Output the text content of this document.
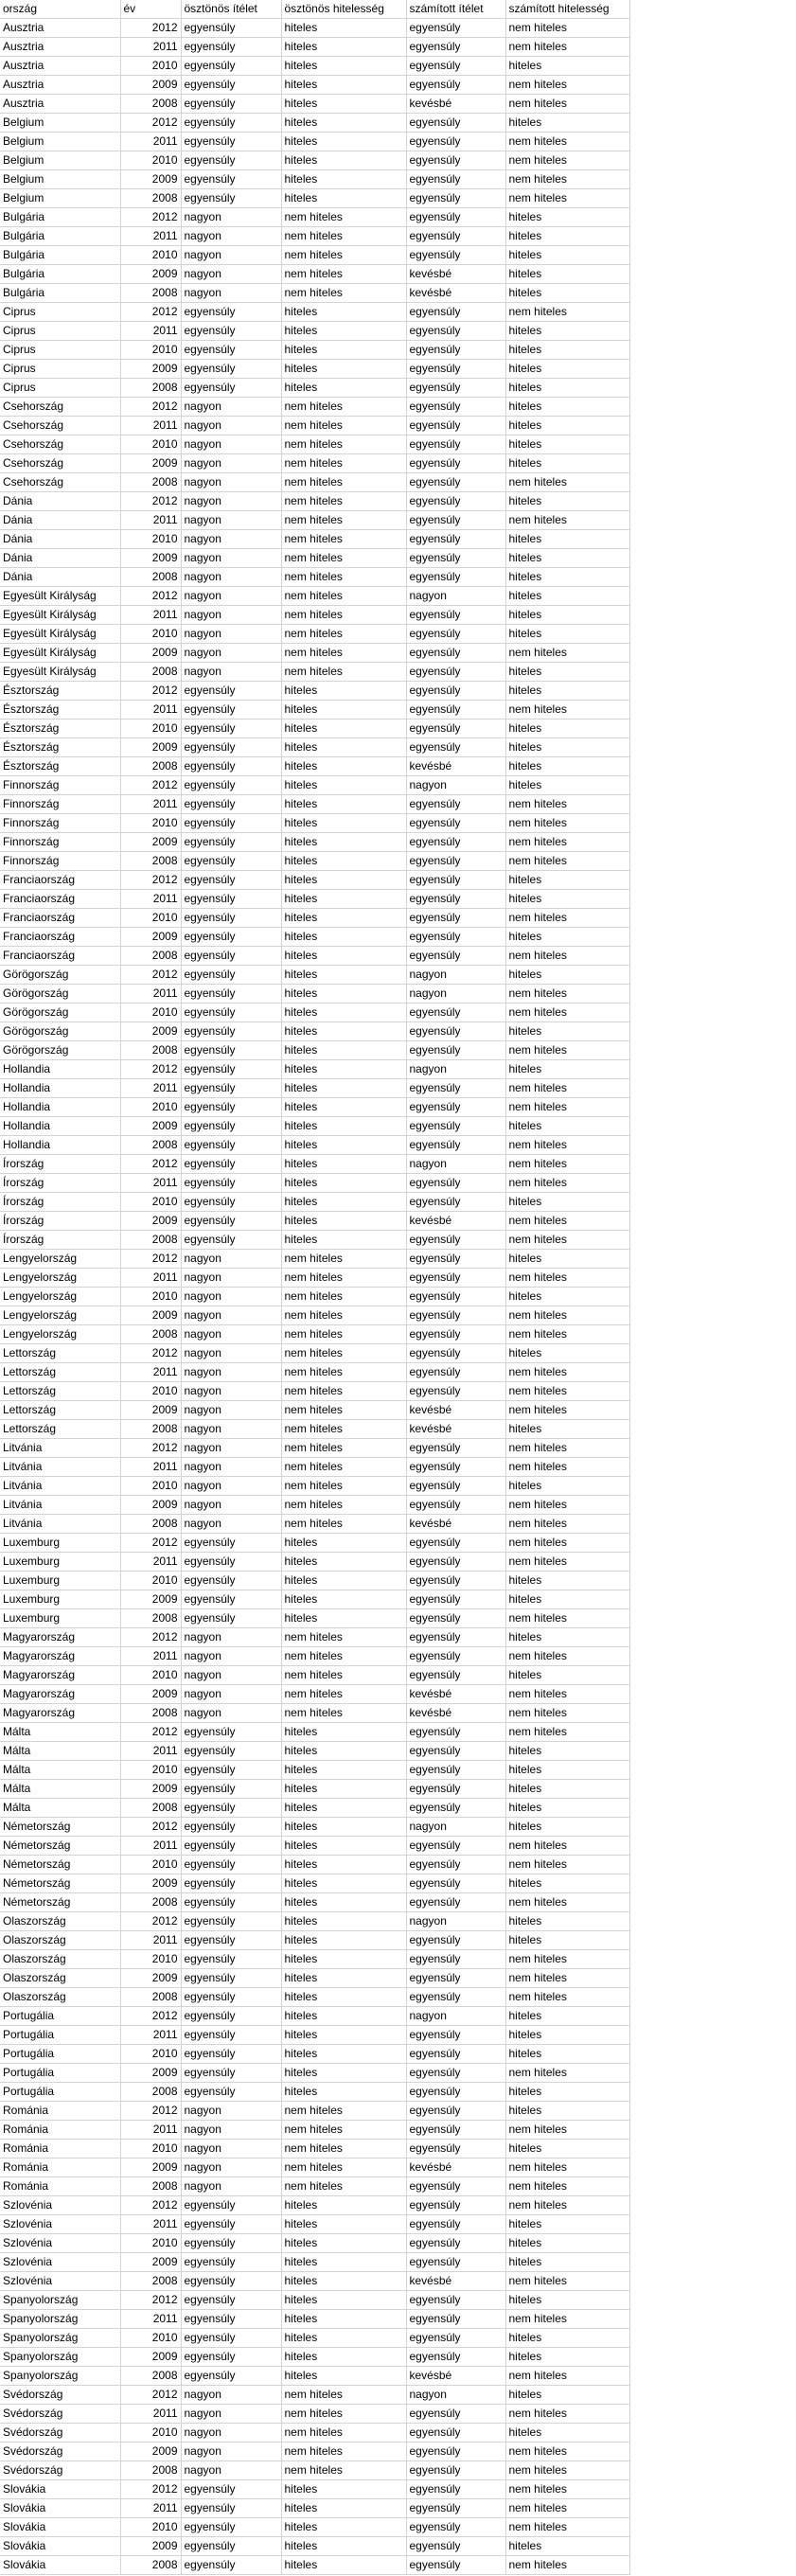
ország	év	ösztönös ítélet	ösztönös hitelesség	számított ítélet	számított hitelesség
Ausztria	2012	egyensúly	hiteles	egyensúly	nem hiteles
Ausztria	2011	egyensúly	hiteles	egyensúly	nem hiteles
Ausztria	2010	egyensúly	hiteles	egyensúly	hiteles
Ausztria	2009	egyensúly	hiteles	egyensúly	nem hiteles
Ausztria	2008	egyensúly	hiteles	kevésbé	nem hiteles
Belgium	2012	egyensúly	hiteles	egyensúly	hiteles
Belgium	2011	egyensúly	hiteles	egyensúly	nem hiteles
Belgium	2010	egyensúly	hiteles	egyensúly	nem hiteles
Belgium	2009	egyensúly	hiteles	egyensúly	nem hiteles
Belgium	2008	egyensúly	hiteles	egyensúly	nem hiteles
Bulgária	2012	nagyon	nem hiteles	egyensúly	hiteles
Bulgária	2011	nagyon	nem hiteles	egyensúly	hiteles
Bulgária	2010	nagyon	nem hiteles	egyensúly	hiteles
Bulgária	2009	nagyon	nem hiteles	kevésbé	hiteles
Bulgária	2008	nagyon	nem hiteles	kevésbé	hiteles
Ciprus	2012	egyensúly	hiteles	egyensúly	nem hiteles
Ciprus	2011	egyensúly	hiteles	egyensúly	hiteles
Ciprus	2010	egyensúly	hiteles	egyensúly	hiteles
Ciprus	2009	egyensúly	hiteles	egyensúly	hiteles
Ciprus	2008	egyensúly	hiteles	egyensúly	hiteles
Csehország	2012	nagyon	nem hiteles	egyensúly	hiteles
Csehország	2011	nagyon	nem hiteles	egyensúly	hiteles
Csehország	2010	nagyon	nem hiteles	egyensúly	hiteles
Csehország	2009	nagyon	nem hiteles	egyensúly	hiteles
Csehország	2008	nagyon	nem hiteles	egyensúly	nem hiteles
Dánia	2012	nagyon	nem hiteles	egyensúly	hiteles
Dánia	2011	nagyon	nem hiteles	egyensúly	nem hiteles
Dánia	2010	nagyon	nem hiteles	egyensúly	hiteles
Dánia	2009	nagyon	nem hiteles	egyensúly	hiteles
Dánia	2008	nagyon	nem hiteles	egyensúly	hiteles
Egyesült Királyság	2012	nagyon	nem hiteles	nagyon	hiteles
Egyesült Királyság	2011	nagyon	nem hiteles	egyensúly	hiteles
Egyesült Királyság	2010	nagyon	nem hiteles	egyensúly	hiteles
Egyesült Királyság	2009	nagyon	nem hiteles	egyensúly	nem hiteles
Egyesült Királyság	2008	nagyon	nem hiteles	egyensúly	hiteles
Észtország	2012	egyensúly	hiteles	egyensúly	hiteles
Észtország	2011	egyensúly	hiteles	egyensúly	nem hiteles
Észtország	2010	egyensúly	hiteles	egyensúly	hiteles
Észtország	2009	egyensúly	hiteles	egyensúly	hiteles
Észtország	2008	egyensúly	hiteles	kevésbé	hiteles
Finnország	2012	egyensúly	hiteles	nagyon	hiteles
Finnország	2011	egyensúly	hiteles	egyensúly	nem hiteles
Finnország	2010	egyensúly	hiteles	egyensúly	nem hiteles
Finnország	2009	egyensúly	hiteles	egyensúly	nem hiteles
Finnország	2008	egyensúly	hiteles	egyensúly	nem hiteles
Franciaország	2012	egyensúly	hiteles	egyensúly	hiteles
Franciaország	2011	egyensúly	hiteles	egyensúly	hiteles
Franciaország	2010	egyensúly	hiteles	egyensúly	nem hiteles
Franciaország	2009	egyensúly	hiteles	egyensúly	hiteles
Franciaország	2008	egyensúly	hiteles	egyensúly	nem hiteles
Görögország	2012	egyensúly	hiteles	nagyon	hiteles
Görögország	2011	egyensúly	hiteles	nagyon	nem hiteles
Görögország	2010	egyensúly	hiteles	egyensúly	nem hiteles
Görögország	2009	egyensúly	hiteles	egyensúly	hiteles
Görögország	2008	egyensúly	hiteles	egyensúly	nem hiteles
Hollandia	2012	egyensúly	hiteles	nagyon	hiteles
Hollandia	2011	egyensúly	hiteles	egyensúly	nem hiteles
Hollandia	2010	egyensúly	hiteles	egyensúly	nem hiteles
Hollandia	2009	egyensúly	hiteles	egyensúly	hiteles
Hollandia	2008	egyensúly	hiteles	egyensúly	nem hiteles
Írország	2012	egyensúly	hiteles	nagyon	nem hiteles
Írország	2011	egyensúly	hiteles	egyensúly	nem hiteles
Írország	2010	egyensúly	hiteles	egyensúly	hiteles
Írország	2009	egyensúly	hiteles	kevésbé	nem hiteles
Írország	2008	egyensúly	hiteles	egyensúly	nem hiteles
Lengyelország	2012	nagyon	nem hiteles	egyensúly	hiteles
Lengyelország	2011	nagyon	nem hiteles	egyensúly	nem hiteles
Lengyelország	2010	nagyon	nem hiteles	egyensúly	hiteles
Lengyelország	2009	nagyon	nem hiteles	egyensúly	nem hiteles
Lengyelország	2008	nagyon	nem hiteles	egyensúly	nem hiteles
Lettország	2012	nagyon	nem hiteles	egyensúly	hiteles
Lettország	2011	nagyon	nem hiteles	egyensúly	nem hiteles
Lettország	2010	nagyon	nem hiteles	egyensúly	nem hiteles
Lettország	2009	nagyon	nem hiteles	kevésbé	nem hiteles
Lettország	2008	nagyon	nem hiteles	kevésbé	hiteles
Litvánia	2012	nagyon	nem hiteles	egyensúly	nem hiteles
Litvánia	2011	nagyon	nem hiteles	egyensúly	nem hiteles
Litvánia	2010	nagyon	nem hiteles	egyensúly	hiteles
Litvánia	2009	nagyon	nem hiteles	egyensúly	nem hiteles
Litvánia	2008	nagyon	nem hiteles	kevésbé	nem hiteles
Luxemburg	2012	egyensúly	hiteles	egyensúly	nem hiteles
Luxemburg	2011	egyensúly	hiteles	egyensúly	nem hiteles
Luxemburg	2010	egyensúly	hiteles	egyensúly	hiteles
Luxemburg	2009	egyensúly	hiteles	egyensúly	hiteles
Luxemburg	2008	egyensúly	hiteles	egyensúly	nem hiteles
Magyarország	2012	nagyon	nem hiteles	egyensúly	hiteles
Magyarország	2011	nagyon	nem hiteles	egyensúly	nem hiteles
Magyarország	2010	nagyon	nem hiteles	egyensúly	hiteles
Magyarország	2009	nagyon	nem hiteles	kevésbé	nem hiteles
Magyarország	2008	nagyon	nem hiteles	kevésbé	nem hiteles
Málta	2012	egyensúly	hiteles	egyensúly	nem hiteles
Málta	2011	egyensúly	hiteles	egyensúly	hiteles
Málta	2010	egyensúly	hiteles	egyensúly	hiteles
Málta	2009	egyensúly	hiteles	egyensúly	hiteles
Málta	2008	egyensúly	hiteles	egyensúly	hiteles
Németország	2012	egyensúly	hiteles	nagyon	hiteles
Németország	2011	egyensúly	hiteles	egyensúly	nem hiteles
Németország	2010	egyensúly	hiteles	egyensúly	nem hiteles
Németország	2009	egyensúly	hiteles	egyensúly	hiteles
Németország	2008	egyensúly	hiteles	egyensúly	nem hiteles
Olaszország	2012	egyensúly	hiteles	nagyon	hiteles
Olaszország	2011	egyensúly	hiteles	egyensúly	hiteles
Olaszország	2010	egyensúly	hiteles	egyensúly	nem hiteles
Olaszország	2009	egyensúly	hiteles	egyensúly	nem hiteles
Olaszország	2008	egyensúly	hiteles	egyensúly	nem hiteles
Portugália	2012	egyensúly	hiteles	nagyon	hiteles
Portugália	2011	egyensúly	hiteles	egyensúly	hiteles
Portugália	2010	egyensúly	hiteles	egyensúly	hiteles
Portugália	2009	egyensúly	hiteles	egyensúly	nem hiteles
Portugália	2008	egyensúly	hiteles	egyensúly	hiteles
Románia	2012	nagyon	nem hiteles	egyensúly	hiteles
Románia	2011	nagyon	nem hiteles	egyensúly	nem hiteles
Románia	2010	nagyon	nem hiteles	egyensúly	hiteles
Románia	2009	nagyon	nem hiteles	kevésbé	nem hiteles
Románia	2008	nagyon	nem hiteles	egyensúly	nem hiteles
Szlovénia	2012	egyensúly	hiteles	egyensúly	nem hiteles
Szlovénia	2011	egyensúly	hiteles	egyensúly	hiteles
Szlovénia	2010	egyensúly	hiteles	egyensúly	hiteles
Szlovénia	2009	egyensúly	hiteles	egyensúly	hiteles
Szlovénia	2008	egyensúly	hiteles	kevésbé	nem hiteles
Spanyolország	2012	egyensúly	hiteles	egyensúly	hiteles
Spanyolország	2011	egyensúly	hiteles	egyensúly	nem hiteles
Spanyolország	2010	egyensúly	hiteles	egyensúly	hiteles
Spanyolország	2009	egyensúly	hiteles	egyensúly	hiteles
Spanyolország	2008	egyensúly	hiteles	kevésbé	nem hiteles
Svédország	2012	nagyon	nem hiteles	nagyon	hiteles
Svédország	2011	nagyon	nem hiteles	egyensúly	nem hiteles
Svédország	2010	nagyon	nem hiteles	egyensúly	hiteles
Svédország	2009	nagyon	nem hiteles	egyensúly	nem hiteles
Svédország	2008	nagyon	nem hiteles	egyensúly	nem hiteles
Slovákia	2012	egyensúly	hiteles	egyensúly	nem hiteles
Slovákia	2011	egyensúly	hiteles	egyensúly	nem hiteles
Slovákia	2010	egyensúly	hiteles	egyensúly	nem hiteles
Slovákia	2009	egyensúly	hiteles	egyensúly	hiteles
Slovákia	2008	egyensúly	hiteles	egyensúly	nem hiteles
